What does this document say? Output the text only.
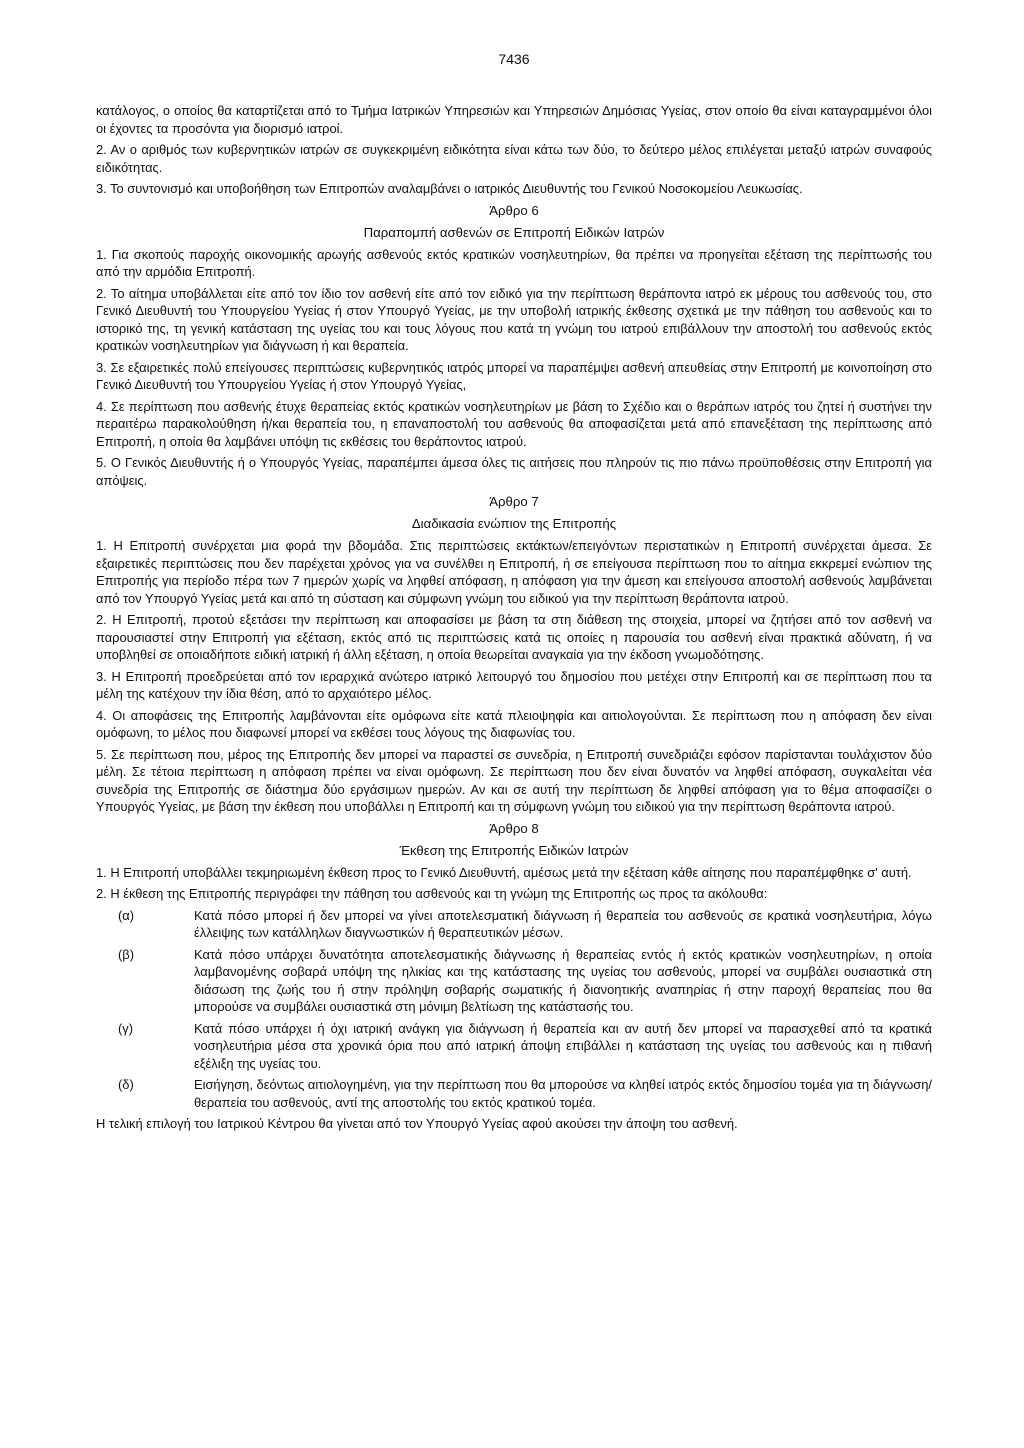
7436

κατάλογος, ο οποίος θα καταρτίζεται από το Τμήμα Ιατρικών Υπηρεσιών και Υπηρεσιών Δημόσιας Υγείας, στον οποίο θα είναι καταγραμμένοι όλοι οι έχοντες τα προσόντα για διορισμό ιατροί.

2. Αν ο αριθμός των κυβερνητικών ιατρών σε συγκεκριμένη ειδικότητα είναι κάτω των δύο, το δεύτερο μέλος επιλέγεται μεταξύ ιατρών συναφούς ειδικότητας.

3. Το συντονισμό και υποβοήθηση των Επιτροπών αναλαμβάνει ο ιατρικός Διευθυντής του Γενικού Νοσοκομείου Λευκωσίας.

Άρθρο 6
Παραπομπή ασθενών σε Επιτροπή Ειδικών Ιατρών

1. Για σκοπούς παροχής οικονομικής αρωγής ασθενούς εκτός κρατικών νοσηλευτηρίων, θα πρέπει να προηγείται εξέταση της περίπτωσής του από την αρμόδια Επιτροπή.

2. Το αίτημα υποβάλλεται είτε από τον ίδιο τον ασθενή είτε από τον ειδικό για την περίπτωση θεράποντα ιατρό εκ μέρους του ασθενούς του, στο Γενικό Διευθυντή του Υπουργείου Υγείας ή στον Υπουργό Υγείας, με την υποβολή ιατρικής έκθεσης σχετικά με την πάθηση του ασθενούς και το ιστορικό της, τη γενική κατάσταση της υγείας του και τους λόγους που κατά τη γνώμη του ιατρού επιβάλλουν την αποστολή του ασθενούς εκτός κρατικών νοσηλευτηρίων για διάγνωση ή και θεραπεία.

3. Σε εξαιρετικές πολύ επείγουσες περιπτώσεις κυβερνητικός ιατρός μπορεί να παραπέμψει ασθενή απευθείας στην Επιτροπή με κοινοποίηση στο Γενικό Διευθυντή του Υπουργείου Υγείας ή στον Υπουργό Υγείας,

4. Σε περίπτωση που ασθενής έτυχε θεραπείας εκτός κρατικών νοσηλευτηρίων με βάση το Σχέδιο και ο θεράπων ιατρός του ζητεί ή συστήνει την περαιτέρω παρακολούθηση ή/και θεραπεία του, η επαναποστολή του ασθενούς θα αποφασίζεται μετά από επανεξέταση της περίπτωσης από Επιτροπή, η οποία θα λαμβάνει υπόψη τις εκθέσεις του θεράποντος ιατρού.

5. Ο Γενικός Διευθυντής ή ο Υπουργός Υγείας, παραπέμπει άμεσα όλες τις αιτήσεις που πληρούν τις πιο πάνω προϋποθέσεις στην Επιτροπή για απόψεις.

Άρθρο 7
Διαδικασία ενώπιον της Επιτροπής

1. Η Επιτροπή συνέρχεται μια φορά την βδομάδα. Στις περιπτώσεις εκτάκτων/επειγόντων περιστατικών η Επιτροπή συνέρχεται άμεσα. Σε εξαιρετικές περιπτώσεις που δεν παρέχεται χρόνος για να συνέλθει η Επιτροπή, ή σε επείγουσα περίπτωση που το αίτημα εκκρεμεί ενώπιον της Επιτροπής για περίοδο πέρα των 7 ημερών χωρίς να ληφθεί απόφαση, η απόφαση για την άμεση και επείγουσα αποστολή ασθενούς λαμβάνεται από τον Υπουργό Υγείας μετά και από τη σύσταση και σύμφωνη γνώμη του ειδικού για την περίπτωση θεράποντα ιατρού.

2. Η Επιτροπή, προτού εξετάσει την περίπτωση και αποφασίσει με βάση τα στη διάθεση της στοιχεία, μπορεί να ζητήσει από τον ασθενή να παρουσιαστεί στην Επιτροπή για εξέταση, εκτός από τις περιπτώσεις κατά τις οποίες η παρουσία του ασθενή είναι πρακτικά αδύνατη, ή να υποβληθεί σε οποιαδήποτε ειδική ιατρική ή άλλη εξέταση, η οποία θεωρείται αναγκαία για την έκδοση γνωμοδότησης.

3. Η Επιτροπή προεδρεύεται από τον ιεραρχικά ανώτερο ιατρικό λειτουργό του δημοσίου που μετέχει στην Επιτροπή και σε περίπτωση που τα μέλη της κατέχουν την ίδια θέση, από το αρχαιότερο μέλος.

4. Οι αποφάσεις της Επιτροπής λαμβάνονται είτε ομόφωνα είτε κατά πλειοψηφία και αιτιολογούνται. Σε περίπτωση που η απόφαση δεν είναι ομόφωνη, το μέλος που διαφωνεί μπορεί να εκθέσει τους λόγους της διαφωνίας του.

5. Σε περίπτωση που, μέρος της Επιτροπής δεν μπορεί να παραστεί σε συνεδρία, η Επιτροπή συνεδριάζει εφόσον παρίστανται τουλάχιστον δύο μέλη. Σε τέτοια περίπτωση η απόφαση πρέπει να είναι ομόφωνη. Σε περίπτωση που δεν είναι δυνατόν να ληφθεί απόφαση, συγκαλείται νέα συνεδρία της Επιτροπής σε διάστημα δύο εργάσιμων ημερών. Αν και σε αυτή την περίπτωση δε ληφθεί απόφαση για το θέμα αποφασίζει ο Υπουργός Υγείας, με βάση την έκθεση που υποβάλλει η Επιτροπή και τη σύμφωνη γνώμη του ειδικού για την περίπτωση θεράποντα ιατρού.

Άρθρο 8
Έκθεση της Επιτροπής Ειδικών Ιατρών

1. Η Επιτροπή υποβάλλει τεκμηριωμένη έκθεση προς το Γενικό Διευθυντή, αμέσως μετά την εξέταση κάθε αίτησης που παραπέμφθηκε σ' αυτή.

2. Η έκθεση της Επιτροπής περιγράφει την πάθηση του ασθενούς και τη γνώμη της Επιτροπής ως προς τα ακόλουθα:

(α)	Κατά πόσο μπορεί ή δεν μπορεί να γίνει αποτελεσματική διάγνωση ή θεραπεία του ασθενούς σε κρατικά νοσηλευτήρια, λόγω έλλειψης των κατάλληλων διαγνωστικών ή θεραπευτικών μέσων.
(β)	Κατά πόσο υπάρχει δυνατότητα αποτελεσματικής διάγνωσης ή θεραπείας εντός ή εκτός κρατικών νοσηλευτηρίων, η οποία λαμβανομένης σοβαρά υπόψη της ηλικίας και της κατάστασης της υγείας του ασθενούς, μπορεί να συμβάλει ουσιαστικά στη διάσωση της ζωής του ή στην πρόληψη σοβαρής σωματικής ή διανοητικής αναπηρίας ή στην παροχή θεραπείας που θα μπορούσε να συμβάλει ουσιαστικά στη μόνιμη βελτίωση της κατάστασής του.
(γ)	Κατά πόσο υπάρχει ή όχι ιατρική ανάγκη για διάγνωση ή θεραπεία και αν αυτή δεν μπορεί να παρασχεθεί από τα κρατικά νοσηλευτήρια μέσα στα χρονικά όρια που από ιατρική άποψη επιβάλλει η κατάσταση της υγείας του ασθενούς και η πιθανή εξέλιξη της υγείας του.
(δ)	Εισήγηση, δεόντως αιτιολογημένη, για την περίπτωση που θα μπορούσε να κληθεί ιατρός εκτός δημοσίου τομέα για τη διάγνωση/θεραπεία του ασθενούς, αντί της αποστολής του εκτός κρατικού τομέα.

Η τελική επιλογή του Ιατρικού Κέντρου θα γίνεται από τον Υπουργό Υγείας αφού ακούσει την άποψη του ασθενή.
